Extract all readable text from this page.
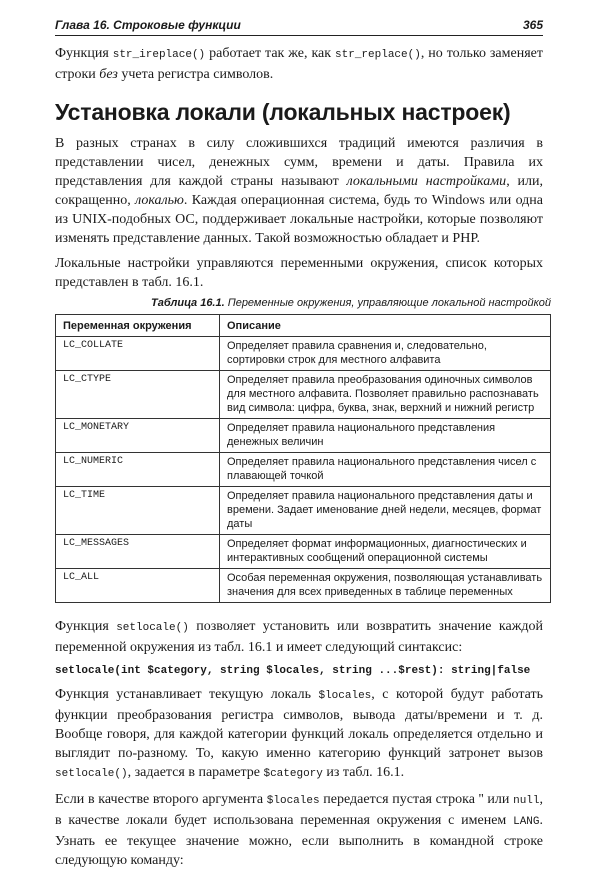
Глава 16. Строковые функции	365

Функция str_ireplace() работает так же, как str_replace(), но только заменяет строки без учета регистра символов.

Установка локали (локальных настроек)

В разных странах в силу сложившихся традиций имеются различия в представлении чисел, денежных сумм, времени и даты. Правила их представления для каждой страны называют локальными настройками, или, сокращенно, локалью. Каждая операционная система, будь то Windows или одна из UNIX-подобных ОС, поддерживает локальные настройки, которые позволяют изменять представление данных. Такой возможностью обладает и PHP.

Локальные настройки управляются переменными окружения, список которых представлен в табл. 16.1.

Таблица 16.1. Переменные окружения, управляющие локальной настройкой
Переменная окружения	Описание
LC_COLLATE	Определяет правила сравнения и, следовательно, сортировки строк для местного алфавита
LC_CTYPE	Определяет правила преобразования одиночных символов для местного алфавита. Позволяет правильно распознавать вид символа: цифра, буква, знак, верхний и нижний регистр
LC_MONETARY	Определяет правила национального представления денежных величин
LC_NUMERIC	Определяет правила национального представления чисел с плавающей точкой
LC_TIME	Определяет правила национального представления даты и времени. Задает именование дней недели, месяцев, формат даты
LC_MESSAGES	Определяет формат информационных, диагностических и интерактивных сообщений операционной системы
LC_ALL	Особая переменная окружения, позволяющая устанавливать значения для всех приведенных в таблице переменных

Функция setlocale() позволяет установить или возвратить значение каждой переменной окружения из табл. 16.1 и имеет следующий синтаксис:

setlocale(int $category, string $locales, string ...$rest): string|false

Функция устанавливает текущую локаль $locales, с которой будут работать функции преобразования регистра символов, вывода даты/времени и т. д. Вообще говоря, для каждой категории функций локаль определяется отдельно и выглядит по-разному. То, какую именно категорию функций затронет вызов setlocale(), задается в параметре $category из табл. 16.1.

Если в качестве второго аргумента $locales передается пустая строка '' или null, в качестве локали будет использована переменная окружения с именем LANG. Узнать ее текущее значение можно, если выполнить в командной строке следующую команду:
